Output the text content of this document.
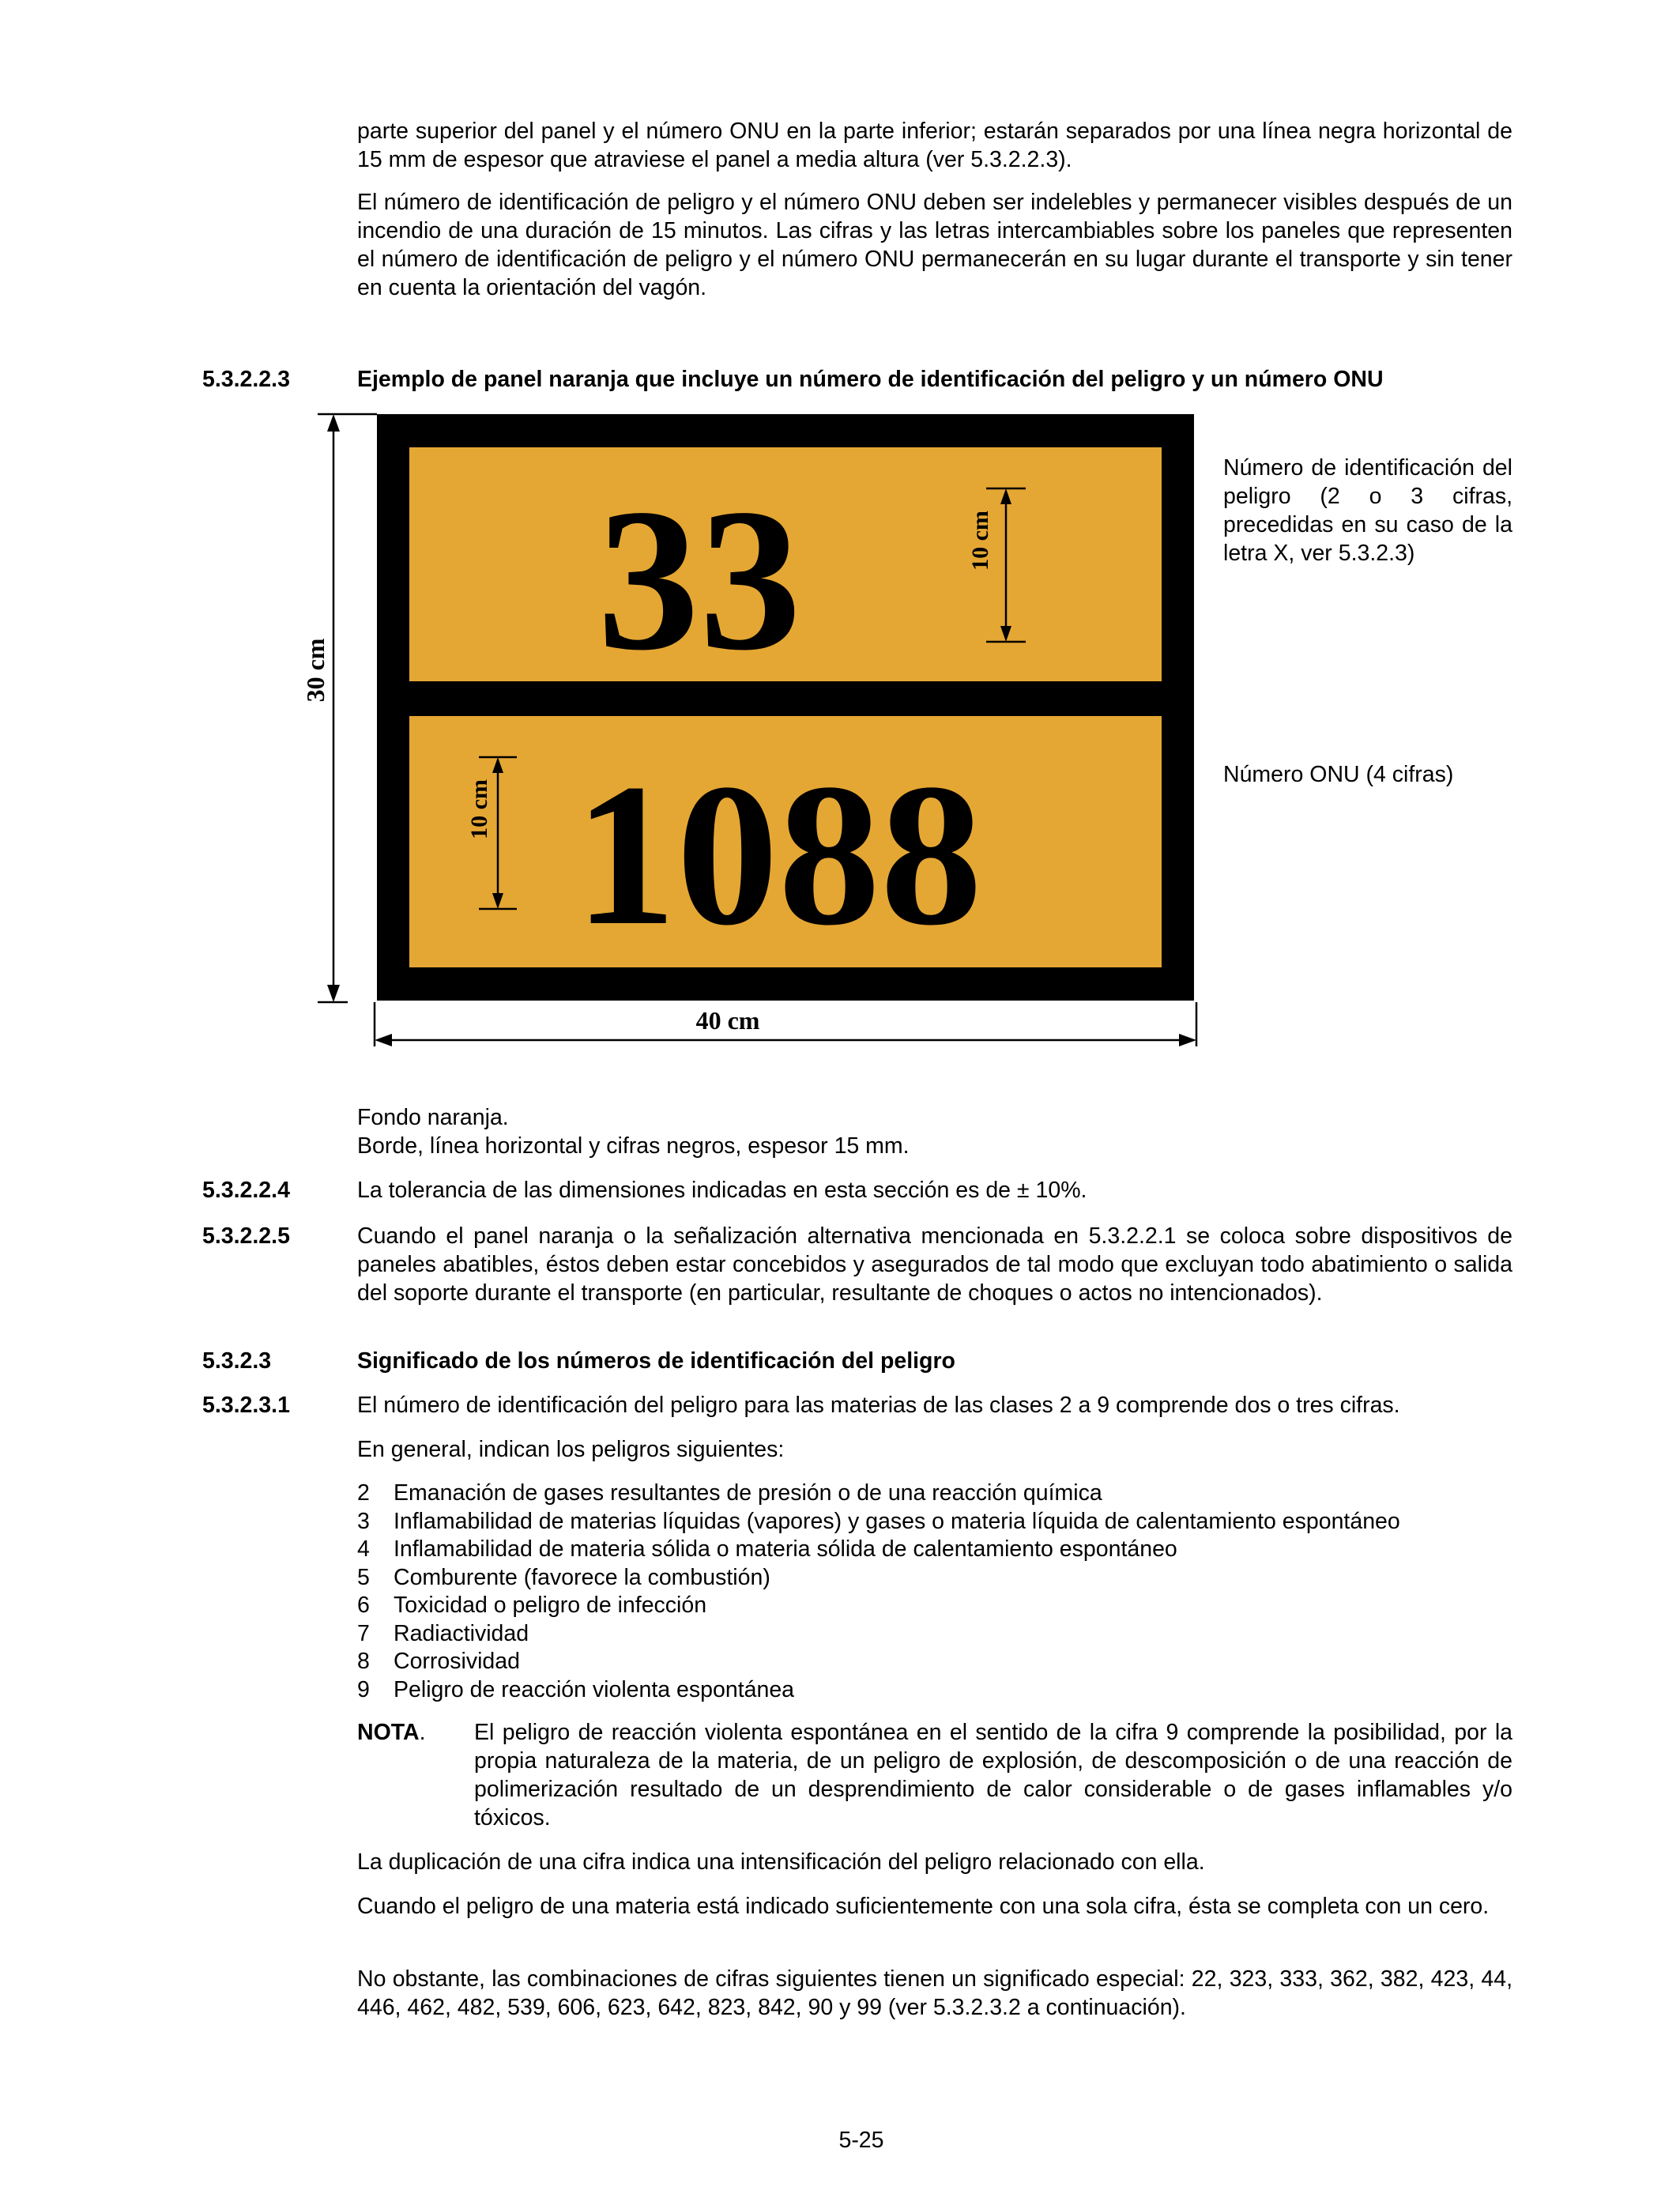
parte superior del panel y el número ONU en la parte inferior; estarán separados por una línea negra horizontal de 15 mm de espesor que atraviese el panel a media altura (ver 5.3.2.2.3).

El número de identificación de peligro y el número ONU deben ser indelebles y permanecer visibles después de un incendio de una duración de 15 minutos. Las cifras y las letras intercambiables sobre los paneles que representen el número de identificación de peligro y el número ONU permanecerán en su lugar durante el transporte y sin tener en cuenta la orientación del vagón.

5.3.2.2.3	Ejemplo de panel naranja que incluye un número de identificación del peligro y un número ONU

33
1088
30 cm
40 cm
10 cm
10 cm

Número de identificación del peligro (2 o 3 cifras, precedidas en su caso de la letra X, ver 5.3.2.3)

Número ONU (4 cifras)

Fondo naranja.

Borde, línea horizontal y cifras negros, espesor 15 mm.

5.3.2.2.4	La tolerancia de las dimensiones indicadas en esta sección es de ± 10%.

5.3.2.2.5	Cuando el panel naranja o la señalización alternativa mencionada en 5.3.2.2.1 se coloca sobre dispositivos de paneles abatibles, éstos deben estar concebidos y asegurados de tal modo que excluyan todo abatimiento o salida del soporte durante el transporte (en particular, resultante de choques o actos no intencionados).

5.3.2.3	Significado de los números de identificación del peligro

5.3.2.3.1	El número de identificación del peligro para las materias de las clases 2 a 9 comprende dos o tres cifras.

En general, indican los peligros siguientes:

2	Emanación de gases resultantes de presión o de una reacción química
3	Inflamabilidad de materias líquidas (vapores) y gases o materia líquida de calentamiento espontáneo
4	Inflamabilidad de materia sólida o materia sólida de calentamiento espontáneo
5	Comburente (favorece la combustión)
6	Toxicidad o peligro de infección
7	Radiactividad
8	Corrosividad
9	Peligro de reacción violenta espontánea

NOTA. El peligro de reacción violenta espontánea en el sentido de la cifra 9 comprende la posibilidad, por la propia naturaleza de la materia, de un peligro de explosión, de descomposición o de una reacción de polimerización resultado de un desprendimiento de calor considerable o de gases inflamables y/o tóxicos.

La duplicación de una cifra indica una intensificación del peligro relacionado con ella.

Cuando el peligro de una materia está indicado suficientemente con una sola cifra, ésta se completa con un cero.

No obstante, las combinaciones de cifras siguientes tienen un significado especial: 22, 323, 333, 362, 382, 423, 44, 446, 462, 482, 539, 606, 623, 642, 823, 842, 90 y 99 (ver 5.3.2.3.2 a continuación).

5-25
